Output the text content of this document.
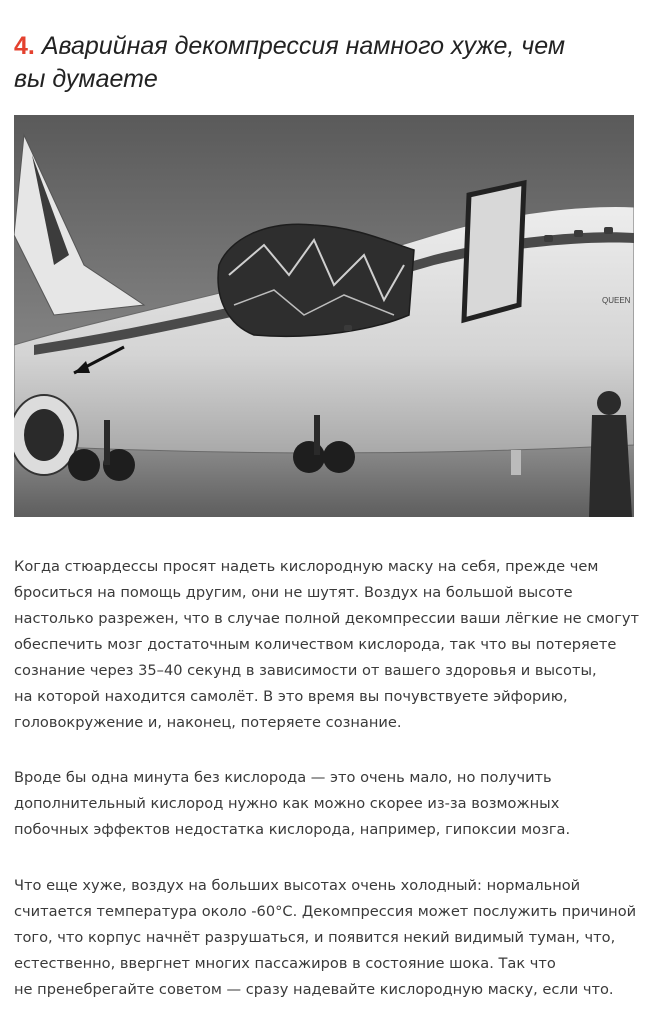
4. Аварийная декомпрессия намного хуже, чем
вы думаете
QUEEN

Когда стюардессы просят надеть кислородную маску на себя, прежде чем
броситься на помощь другим, они не шутят. Воздух на большой высоте
настолько разрежен, что в случае полной декомпрессии ваши лёгкие не смогут
обеспечить мозг достаточным количеством кислорода, так что вы потеряете
сознание через 35–40 секунд в зависимости от вашего здоровья и высоты,
на которой находится самолёт. В это время вы почувствуете эйфорию,
головокружение и, наконец, потеряете сознание.

Вроде бы одна минута без кислорода — это очень мало, но получить
дополнительный кислород нужно как можно скорее из-за возможных
побочных эффектов недостатка кислорода, например, гипоксии мозга.

Что еще хуже, воздух на больших высотах очень холодный: нормальной
считается температура около -60°С. Декомпрессия может послужить причиной
того, что корпус начнёт разрушаться, и появится некий видимый туман, что,
естественно, ввергнет многих пассажиров в состояние шока. Так что
не пренебрегайте советом — сразу надевайте кислородную маску, если что.
